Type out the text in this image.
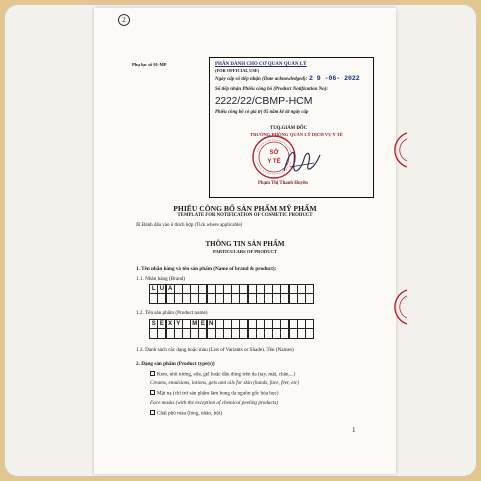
2
Phụ lục số 01-MP	PHẦN DÀNH CHO CƠ QUAN QUẢN LÝ
(FOR OFFICIAL USE)
Ngày cấp số tiếp nhận (Date acknowledged): 2 9 -06- 2022
Số tiếp nhận Phiếu công bố (Product Notification No):
2222/22/CBMP-HCM
Phiếu công bố có giá trị 05 năm kể từ ngày cấp
TUQ.GIÁM ĐỐC
TRƯỞNG PHÒNG QUẢN LÝ DỊCH VỤ Y TẾ
SỞ
Y TẾ
Phạm Thị Thanh Huyền
PHIẾU CÔNG BỐ SẢN PHẨM MỸ PHẨM
TEMPLATE FOR NOTIFICATION OF COSMETIC PRODUCT
☒ Đánh dấu vào ô thích hợp (Tick where applicable)
THÔNG TIN SẢN PHẨM
PARTICULARS OF PRODUCT
1. Tên nhãn hàng và tên sản phẩm (Name of brand & product):
1.1. Nhãn hàng (Brand)
L U A
1.2. Tên sản phẩm (Product name)
S E X Y	M E N
1.3. Danh sách các dạng hoặc màu (List of Variants or Shade). Tên (Names)
2. Dạng sản phẩm (Product type(s))
Kem, nhũ tương, sữa, gel hoặc dầu dùng trên da (tay, mặt, chân,...)
Creams, emulsions, lotions, gels and oils for skin (hands, face, feet, etc)
Mặt nạ (chỉ trừ sản phẩm làm bong da nguồn gốc hóa học)
Face masks (with the exception of chemical peeling products)
Chất phủ màu (lỏng, nhão, bột)
1
